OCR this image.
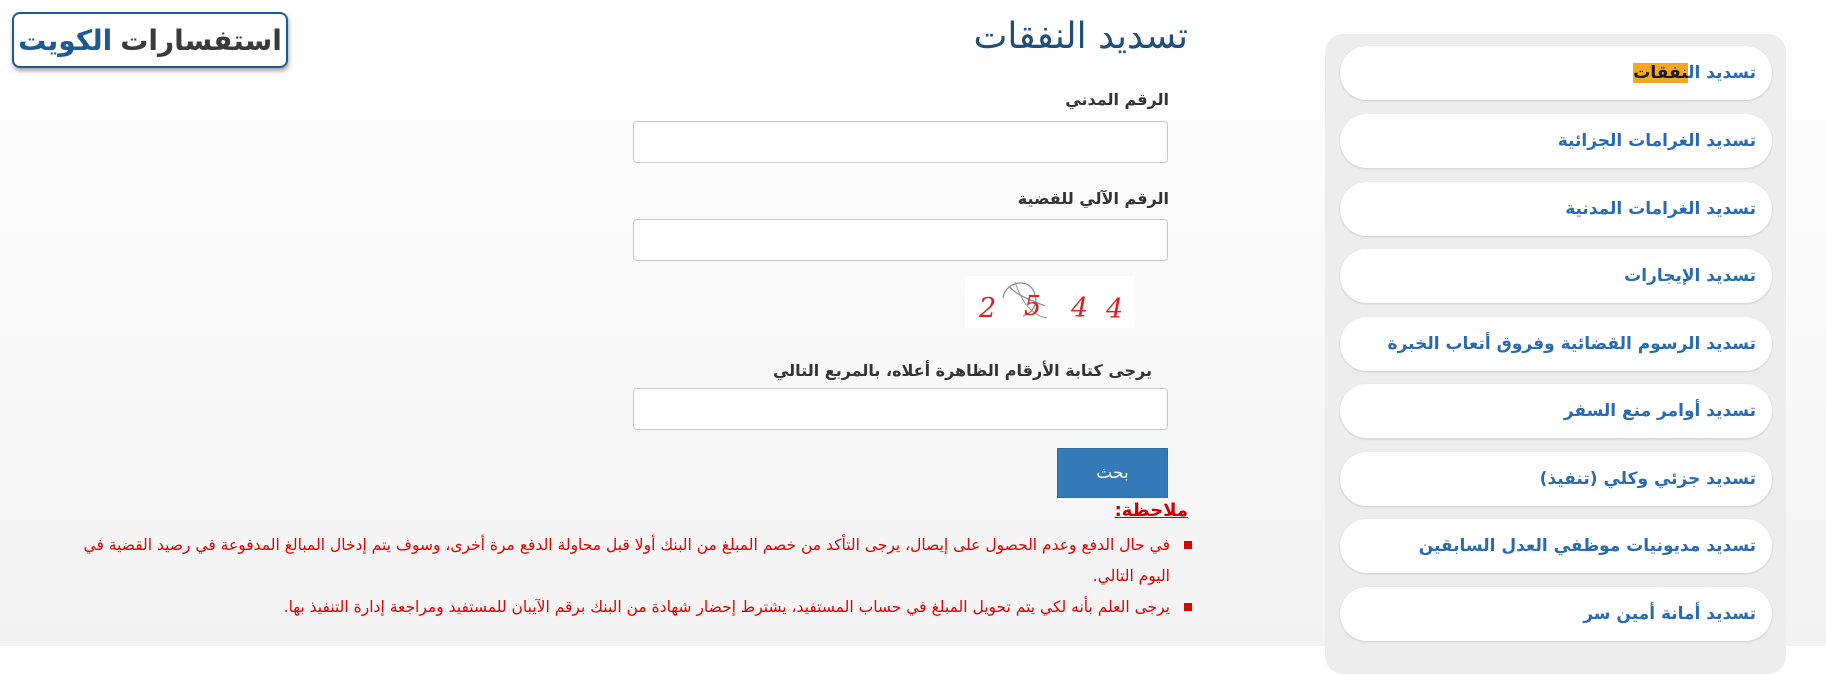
استفسارات
الكويت	تسديد النفقات
الرقم المدني
الرقم الآلي للقضية
2 5 4 4
يرجى كتابة الأرقام الظاهرة أعلاه، بالمربع التالي
بحث
ملاحظة:
في حال الدفع وعدم الحصول على إيصال، يرجى التأكد من خصم المبلغ من البنك أولا قبل محاولة الدفع مرة أخرى، وسوف يتم إدخال المبالغ المدفوعة في رصيد القضية في اليوم التالي.
يرجى العلم بأنه لكي يتم تحويل المبلغ في حساب المستفيد، يشترط إحضار شهادة من البنك برقم الآيبان للمستفيد ومراجعة إدارة التنفيذ بها.
تسديد النفقات
تسديد الغرامات الجزائية
تسديد الغرامات المدنية
تسديد الإيجارات
تسديد الرسوم القضائية وفروق أتعاب الخبرة
تسديد أوامر منع السفر
تسديد جزئي وكلي (تنفيذ)
تسديد مديونيات موظفي العدل السابقين
تسديد أمانة أمين سر
